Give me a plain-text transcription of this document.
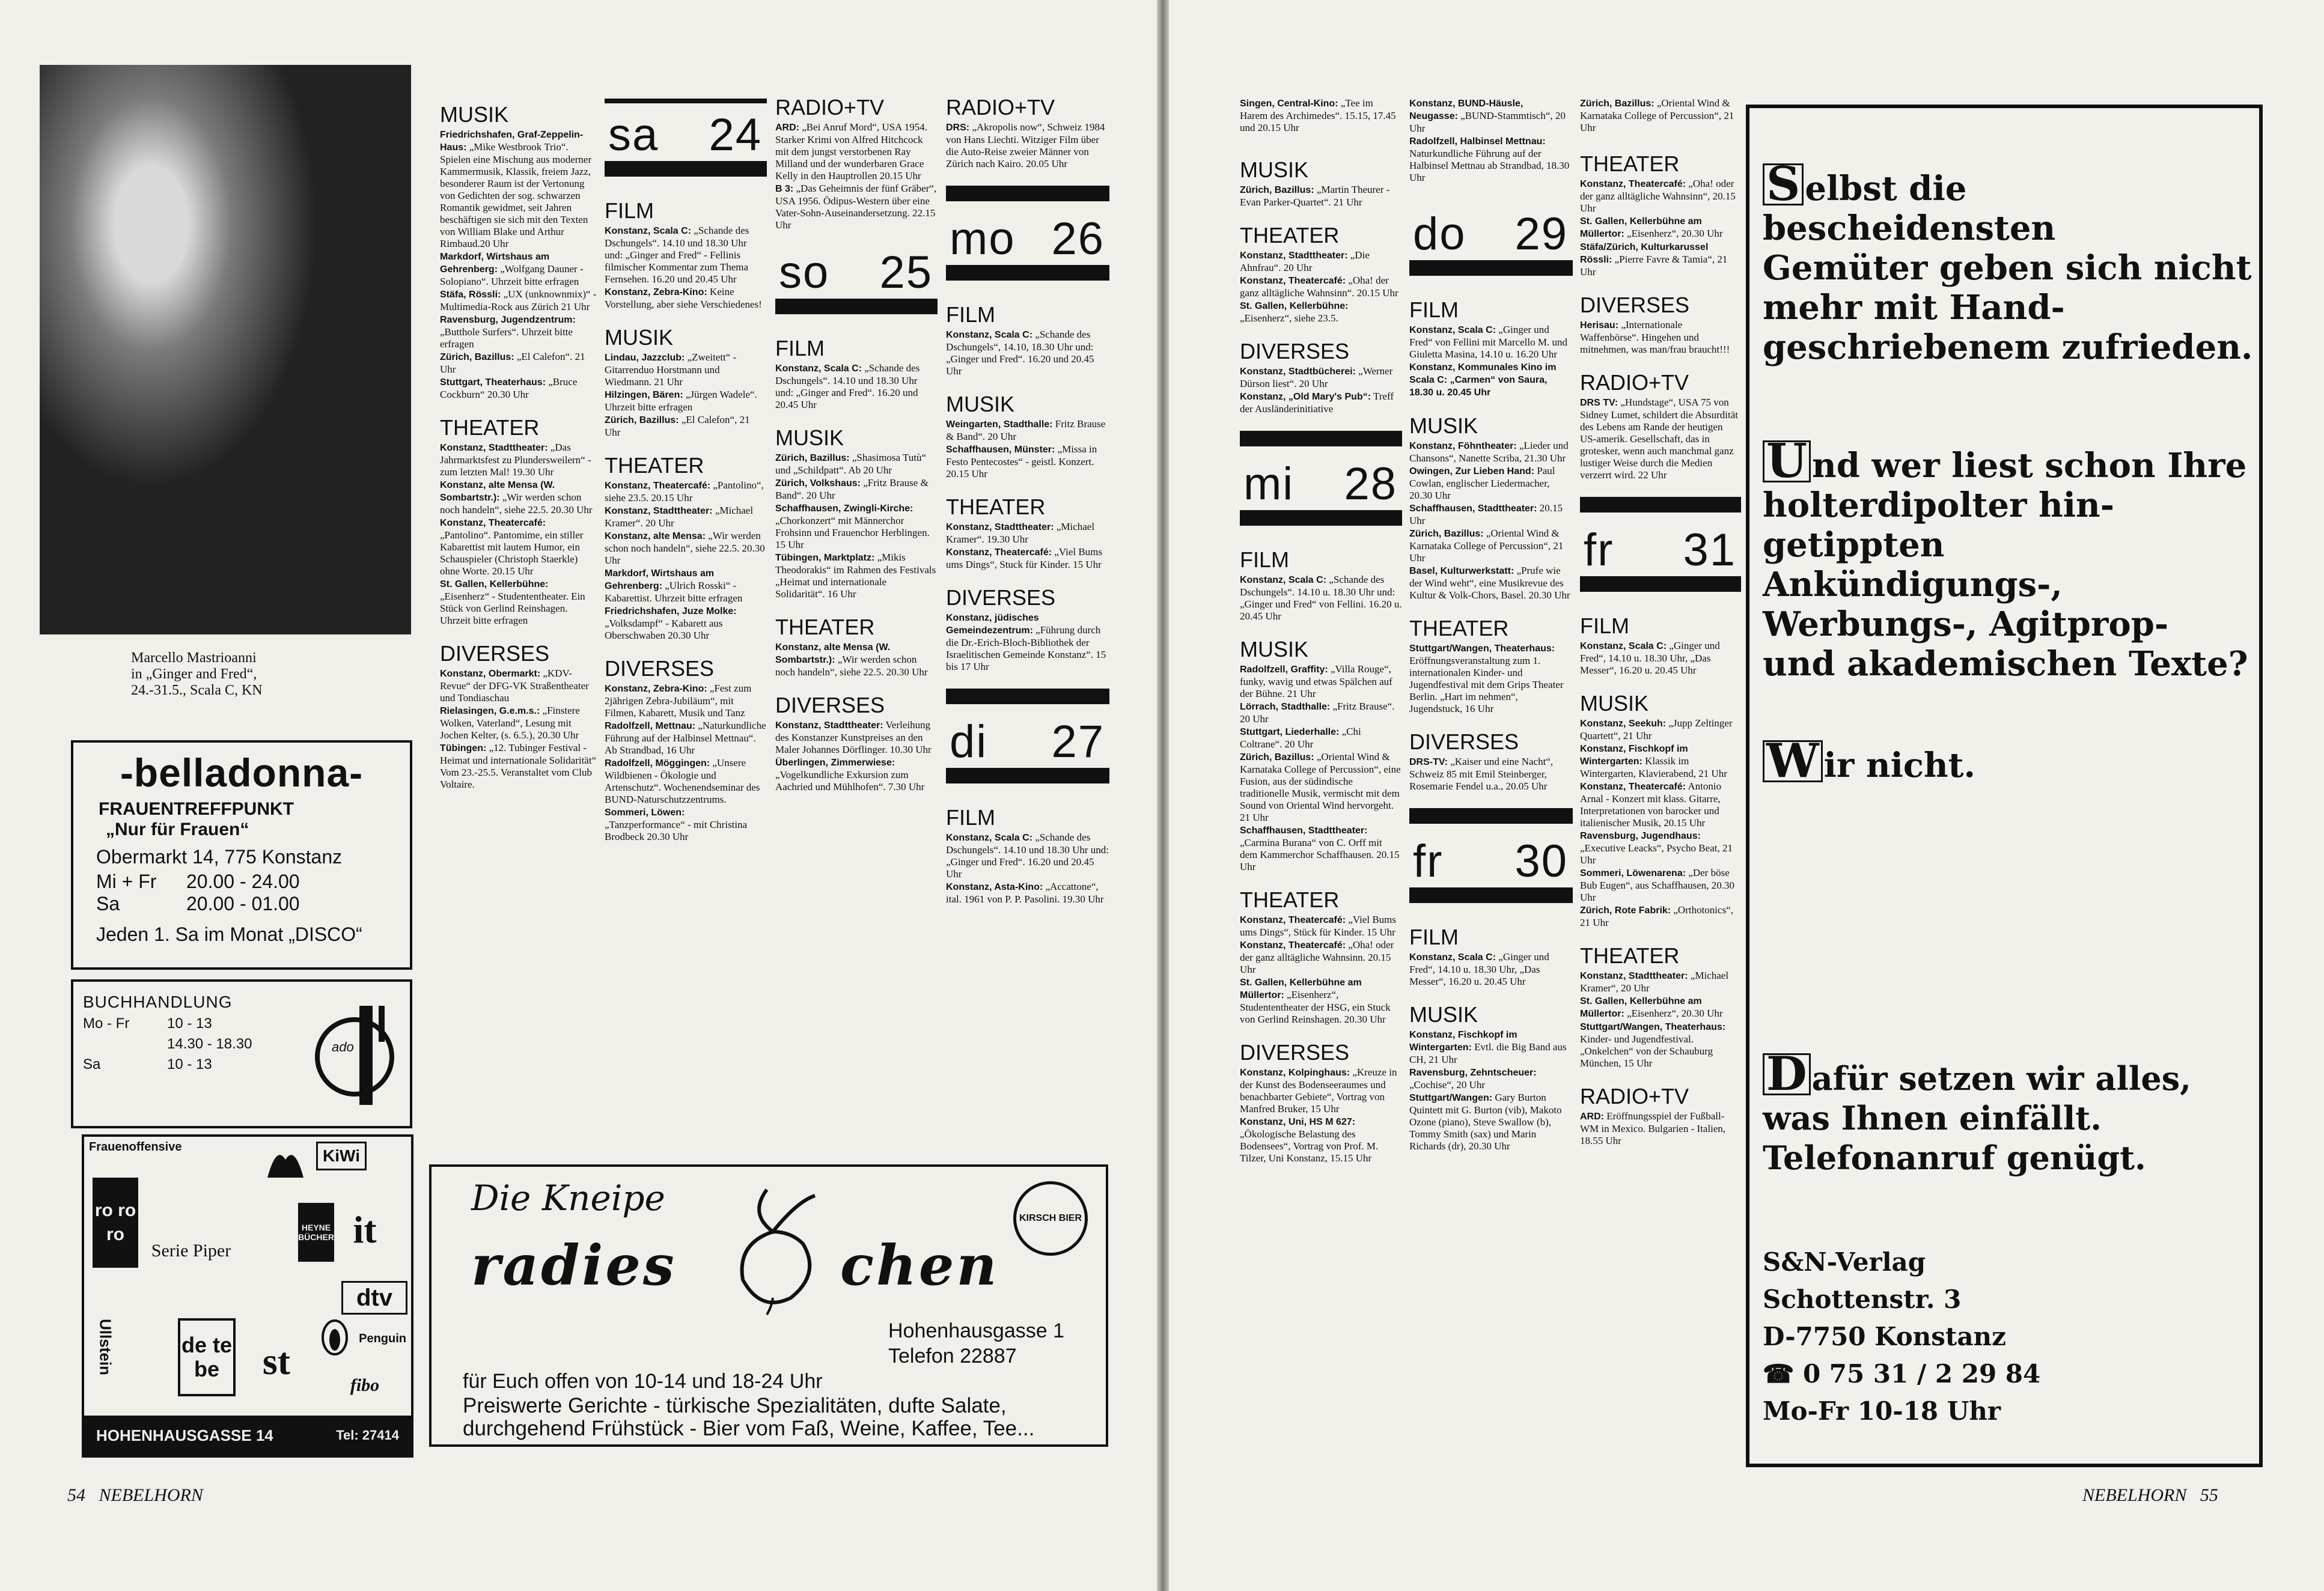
Marcello Mastrioanni
in „Ginger and Fred“,
24.-31.5., Scala C, KN
-belladonna-
FRAUENTREFFPUNKT
„Nur für Frauen“
Obermarkt 14, 775 Konstanz
Mi + Fr	20.00 - 24.00
Sa	20.00 - 01.00
Jeden 1. Sa im Monat „DISCO“
BUCHHANDLUNG
Mo - Fr	10 - 13
14.30 - 18.30
Sa	10 - 13
ado
Frauenoffensive	KiWi
ro ro ro
Serie Piper
HEYNE BÜCHER it
dtv
Ullstein	de te be	st
Penguin
fibo
HOHENHAUSGASSE 14	Tel: 27414
Die Kneipe
radies	chen
KIRSCH BIER
Hohenhausgasse 1
Telefon 22887
für Euch offen von 10-14 und 18-24 Uhr
Preiswerte Gerichte - türkische Spezialitäten, dufte Salate,
durchgehend Frühstück - Bier vom Faß, Weine, Kaffee, Tee...
MUSIK
Friedrichshafen, Graf-Zeppelin-Haus: „Mike Westbrook Trio“. Spielen eine Mischung aus moderner Kammermusik, Klassik, freiem Jazz, besonderer Raum ist der Vertonung von Gedichten der sog. schwarzen Romantik gewidmet, seit Jahren beschäftigen sie sich mit den Texten von William Blake und Arthur Rimbaud.20 Uhr
Markdorf, Wirtshaus am Gehrenberg: „Wolfgang Dauner - Solopiano“. Uhrzeit bitte erfragen
Stäfa, Rössli: „UX (unknownmix)“ - Multimedia-Rock aus Zürich 21 Uhr
Ravensburg, Jugendzentrum: „Butthole Surfers“. Uhrzeit bitte erfragen
Zürich, Bazillus: „El Calefon“. 21 Uhr
Stuttgart, Theaterhaus: „Bruce Cockburn“ 20.30 Uhr
THEATER
Konstanz, Stadttheater: „Das Jahrmarktsfest zu Plundersweilern“ - zum letzten Mal! 19.30 Uhr
Konstanz, alte Mensa (W. Sombartstr.): „Wir werden schon noch handeln“, siehe 22.5. 20.30 Uhr
Konstanz, Theatercafé: „Pantolino“. Pantomime, ein stiller Kabarettist mit lautem Humor, ein Schauspieler (Christoph Staerkle) ohne Worte. 20.15 Uhr
St. Gallen, Kellerbühne: „Eisenherz“ - Studententheater. Ein Stück von Gerlind Reinshagen. Uhrzeit bitte erfragen
DIVERSES
Konstanz, Obermarkt: „KDV-Revue“ der DFG-VK Straßentheater und Tondiaschau
Rielasingen, G.e.m.s.: „Finstere Wolken, Vaterland“, Lesung mit Jochen Kelter, (s. 6.5.), 20.30 Uhr
Tübingen: „12. Tubinger Festival - Heimat und internationale Solidarität“ Vom 23.-25.5. Veranstaltet vom Club Voltaire.
sa 24
FILM
Konstanz, Scala C: „Schande des Dschungels“. 14.10 und 18.30 Uhr und: „Ginger and Fred“ - Fellinis filmischer Kommentar zum Thema Fernsehen. 16.20 und 20.45 Uhr
Konstanz, Zebra-Kino: Keine Vorstellung, aber siehe Verschiedenes!
MUSIK
Lindau, Jazzclub: „Zweitett“ - Gitarrenduo Horstmann und Wiedmann. 21 Uhr
Hilzingen, Bären: „Jürgen Wadele“. Uhrzeit bitte erfragen
Zürich, Bazillus: „El Calefon“, 21 Uhr
THEATER
Konstanz, Theatercafé: „Pantolino“, siehe 23.5. 20.15 Uhr
Konstanz, Stadttheater: „Michael Kramer“. 20 Uhr
Konstanz, alte Mensa: „Wir werden schon noch handeln“, siehe 22.5. 20.30 Uhr
Markdorf, Wirtshaus am Gehrenberg: „Ulrich Rosski“ - Kabarettist. Uhrzeit bitte erfragen
Friedrichshafen, Juze Molke: „Volksdampf“ - Kabarett aus Oberschwaben 20.30 Uhr
DIVERSES
Konstanz, Zebra-Kino: „Fest zum 2jährigen Zebra-Jubiläum“, mit Filmen, Kabarett, Musik und Tanz
Radolfzell, Mettnau: „Naturkundliche Führung auf der Halbinsel Mettnau“. Ab Strandbad, 16 Uhr
Radolfzell, Möggingen: „Unsere Wildbienen - Ökologie und Artenschutz“. Wochenendseminar des BUND-Naturschutzzentrums.
Sommeri, Löwen: „Tanzperformance“ - mit Christina Brodbeck 20.30 Uhr
RADIO+TV
ARD: „Bei Anruf Mord“, USA 1954. Starker Krimi von Alfred Hitchcock mit dem jungst verstorbenen Ray Milland und der wunderbaren Grace Kelly in den Hauptrollen 20.15 Uhr
B 3: „Das Geheimnis der fünf Gräber“, USA 1956. Ödipus-Western über eine Vater-Sohn-Auseinandersetzung. 22.15 Uhr
so 25
FILM
Konstanz, Scala C: „Schande des Dschungels“. 14.10 und 18.30 Uhr und: „Ginger and Fred“. 16.20 und 20.45 Uhr
MUSIK
Zürich, Bazillus: „Shasimosa Tutù“ und „Schildpatt“. Ab 20 Uhr
Zürich, Volkshaus: „Fritz Brause & Band“. 20 Uhr
Schaffhausen, Zwingli-Kirche: „Chorkonzert“ mit Männerchor Frohsinn und Frauenchor Herblingen. 15 Uhr
Tübingen, Marktplatz: „Mikis Theodorakis“ im Rahmen des Festivals „Heimat und internationale Solidarität“. 16 Uhr
THEATER
Konstanz, alte Mensa (W. Sombartstr.): „Wir werden schon noch handeln“, siehe 22.5. 20.30 Uhr
DIVERSES
Konstanz, Stadttheater: Verleihung des Konstanzer Kunstpreises an den Maler Johannes Dörflinger. 10.30 Uhr
Überlingen, Zimmerwiese: „Vogelkundliche Exkursion zum Aachried und Mühlhofen“. 7.30 Uhr
RADIO+TV
DRS: „Akropolis now“, Schweiz 1984 von Hans Liechti. Witziger Film über die Auto-Reise zweier Männer von Zürich nach Kairo. 20.05 Uhr
mo 26
FILM
Konstanz, Scala C: „Schande des Dschungels“, 14.10, 18.30 Uhr und: „Ginger und Fred“. 16.20 und 20.45 Uhr
MUSIK
Weingarten, Stadthalle: Fritz Brause & Band“. 20 Uhr
Schaffhausen, Münster: „Missa in Festo Pentecostes“ - geistl. Konzert. 20.15 Uhr
THEATER
Konstanz, Stadttheater: „Michael Kramer“. 19.30 Uhr
Konstanz, Theatercafé: „Viel Bums ums Dings“, Stuck für Kinder. 15 Uhr
DIVERSES
Konstanz, jüdisches Gemeindezentrum: „Führung durch die Dr.-Erich-Bloch-Bibliothek der Israelitischen Gemeinde Konstanz“. 15 bis 17 Uhr
di 27
FILM
Konstanz, Scala C: „Schande des Dschungels“. 14.10 und 18.30 Uhr und: „Ginger und Fred“. 16.20 und 20.45 Uhr
Konstanz, Asta-Kino: „Accattone“, ital. 1961 von P. P. Pasolini. 19.30 Uhr
54 NEBELHORN
Singen, Central-Kino: „Tee im Harem des Archimedes“. 15.15, 17.45 und 20.15 Uhr
MUSIK
Zürich, Bazillus: „Martin Theurer - Evan Parker-Quartet“. 21 Uhr
THEATER
Konstanz, Stadttheater: „Die Ahnfrau“. 20 Uhr
Konstanz, Theatercafé: „Oha! der ganz alltägliche Wahnsinn“. 20.15 Uhr
St. Gallen, Kellerbühne: „Eisenherz“, siehe 23.5.
DIVERSES
Konstanz, Stadtbücherei: „Werner Dürson liest“. 20 Uhr
Konstanz, „Old Mary's Pub“: Treff der Ausländerinitiative
mi 28
FILM
Konstanz, Scala C: „Schande des Dschungels“. 14.10 u. 18.30 Uhr und: „Ginger und Fred“ von Fellini. 16.20 u. 20.45 Uhr
MUSIK
Radolfzell, Graffity: „Villa Rouge“, funky, wavig und etwas Spälchen auf der Bühne. 21 Uhr
Lörrach, Stadthalle: „Fritz Brause“. 20 Uhr
Stuttgart, Liederhalle: „Chi Coltrane“. 20 Uhr
Zürich, Bazillus: „Oriental Wind & Karnataka College of Percussion“, eine Fusion, aus der südindische traditionelle Musik, vermischt mit dem Sound von Oriental Wind hervorgeht. 21 Uhr
Schaffhausen, Stadttheater: „Carmina Burana“ von C. Orff mit dem Kammerchor Schaffhausen. 20.15 Uhr
THEATER
Konstanz, Theatercafé: „Viel Bums ums Dings“, Stück für Kinder. 15 Uhr
Konstanz, Theatercafé: „Oha! oder der ganz alltägliche Wahnsinn. 20.15 Uhr
St. Gallen, Kellerbühne am Müllertor: „Eisenherz“, Studententheater der HSG, ein Stuck von Gerlind Reinshagen. 20.30 Uhr
DIVERSES
Konstanz, Kolpinghaus: „Kreuze in der Kunst des Bodenseeraumes und benachbarter Gebiete“, Vortrag von Manfred Bruker, 15 Uhr
Konstanz, Uni, HS M 627: „Ökologische Belastung des Bodensees“, Vortrag von Prof. M. Tilzer, Uni Konstanz, 15.15 Uhr
Konstanz, BUND-Häusle, Neugasse: „BUND-Stammtisch“, 20 Uhr
Radolfzell, Halbinsel Mettnau: Naturkundliche Führung auf der Halbinsel Mettnau ab Strandbad, 18.30 Uhr
do 29
FILM
Konstanz, Scala C: „Ginger und Fred“ von Fellini mit Marcello M. und Giuletta Masina, 14.10 u. 16.20 Uhr
Konstanz, Kommunales Kino im Scala C: „Carmen“ von Saura, 18.30 u. 20.45 Uhr
MUSIK
Konstanz, Föhntheater: „Lieder und Chansons“, Nanette Scriba, 21.30 Uhr
Owingen, Zur Lieben Hand: Paul Cowlan, englischer Liedermacher, 20.30 Uhr
Schaffhausen, Stadttheater: 20.15 Uhr
Zürich, Bazillus: „Oriental Wind & Karnataka College of Percussion“, 21 Uhr
Basel, Kulturwerkstatt: „Prufe wie der Wind weht“, eine Musikrevue des Kultur & Volk-Chors, Basel. 20.30 Uhr
THEATER
Stuttgart/Wangen, Theaterhaus: Eröffnungsveranstaltung zum 1. internationalen Kinder- und Jugendfestival mit dem Grips Theater Berlin. „Hart im nehmen“, Jugendstuck, 16 Uhr
DIVERSES
DRS-TV: „Kaiser und eine Nacht“, Schweiz 85 mit Emil Steinberger, Rosemarie Fendel u.a., 20.05 Uhr
fr 30
FILM
Konstanz, Scala C: „Ginger und Fred“, 14.10 u. 18.30 Uhr, „Das Messer“, 16.20 u. 20.45 Uhr
MUSIK
Konstanz, Fischkopf im Wintergarten: Evtl. die Big Band aus CH, 21 Uhr
Ravensburg, Zehntscheuer: „Cochise“, 20 Uhr
Stuttgart/Wangen: Gary Burton Quintett mit G. Burton (vib), Makoto Ozone (piano), Steve Swallow (b), Tommy Smith (sax) und Marin Richards (dr), 20.30 Uhr
Zürich, Bazillus: „Oriental Wind & Karnataka College of Percussion“, 21 Uhr
THEATER
Konstanz, Theatercafé: „Oha! oder der ganz alltägliche Wahnsinn“, 20.15 Uhr
St. Gallen, Kellerbühne am Müllertor: „Eisenherz“, 20.30 Uhr
Stäfa/Zürich, Kulturkarussel Rössli: „Pierre Favre & Tamia“, 21 Uhr
DIVERSES
Herisau: „Internationale Waffenbörse“. Hingehen und mitnehmen, was man/frau braucht!!!
RADIO+TV
DRS TV: „Hundstage“, USA 75 von Sidney Lumet, schildert die Absurdität des Lebens am Rande der heutigen US-amerik. Gesellschaft, das in grotesker, wenn auch manchmal ganz lustiger Weise durch die Medien verzerrt wird. 22 Uhr
fr 31
FILM
Konstanz, Scala C: „Ginger und Fred“, 14.10 u. 18.30 Uhr, „Das Messer“, 16.20 u. 20.45 Uhr
MUSIK
Konstanz, Seekuh: „Jupp Zeltinger Quartett“, 21 Uhr
Konstanz, Fischkopf im Wintergarten: Klassik im Wintergarten, Klavierabend, 21 Uhr
Konstanz, Theatercafé: Antonio Arnal - Konzert mit klass. Gitarre, Interpretationen von barocker und italienischer Musik, 20.15 Uhr
Ravensburg, Jugendhaus: „Executive Leacks“, Psycho Beat, 21 Uhr
Sommeri, Löwenarena: „Der böse Bub Eugen“, aus Schaffhausen, 20.30 Uhr
Zürich, Rote Fabrik: „Orthotonics“, 21 Uhr
THEATER
Konstanz, Stadttheater: „Michael Kramer“, 20 Uhr
St. Gallen, Kellerbühne am Müllertor: „Eisenherz“, 20.30 Uhr
Stuttgart/Wangen, Theaterhaus: Kinder- und Jugendfestival. „Onkelchen“ von der Schauburg München, 15 Uhr
RADIO+TV
ARD: Eröffnungsspiel der Fußball-WM in Mexico. Bulgarien - Italien, 18.55 Uhr
S elbst die bescheidensten
Gemüter geben sich nicht
mehr mit Hand-
geschriebenem zufrieden.
U nd wer liest schon Ihre
holterdipolter hin-
getippten Ankündigungs-,
Werbungs-, Agitprop-
und akademischen Texte?
W ir nicht.
D afür setzen wir alles,
was Ihnen einfällt.
Telefonanruf genügt.
S&N-Verlag
Schottenstr. 3
D-7750 Konstanz
☎ 0 75 31 / 2 29 84
Mo-Fr 10-18 Uhr
NEBELHORN 55
